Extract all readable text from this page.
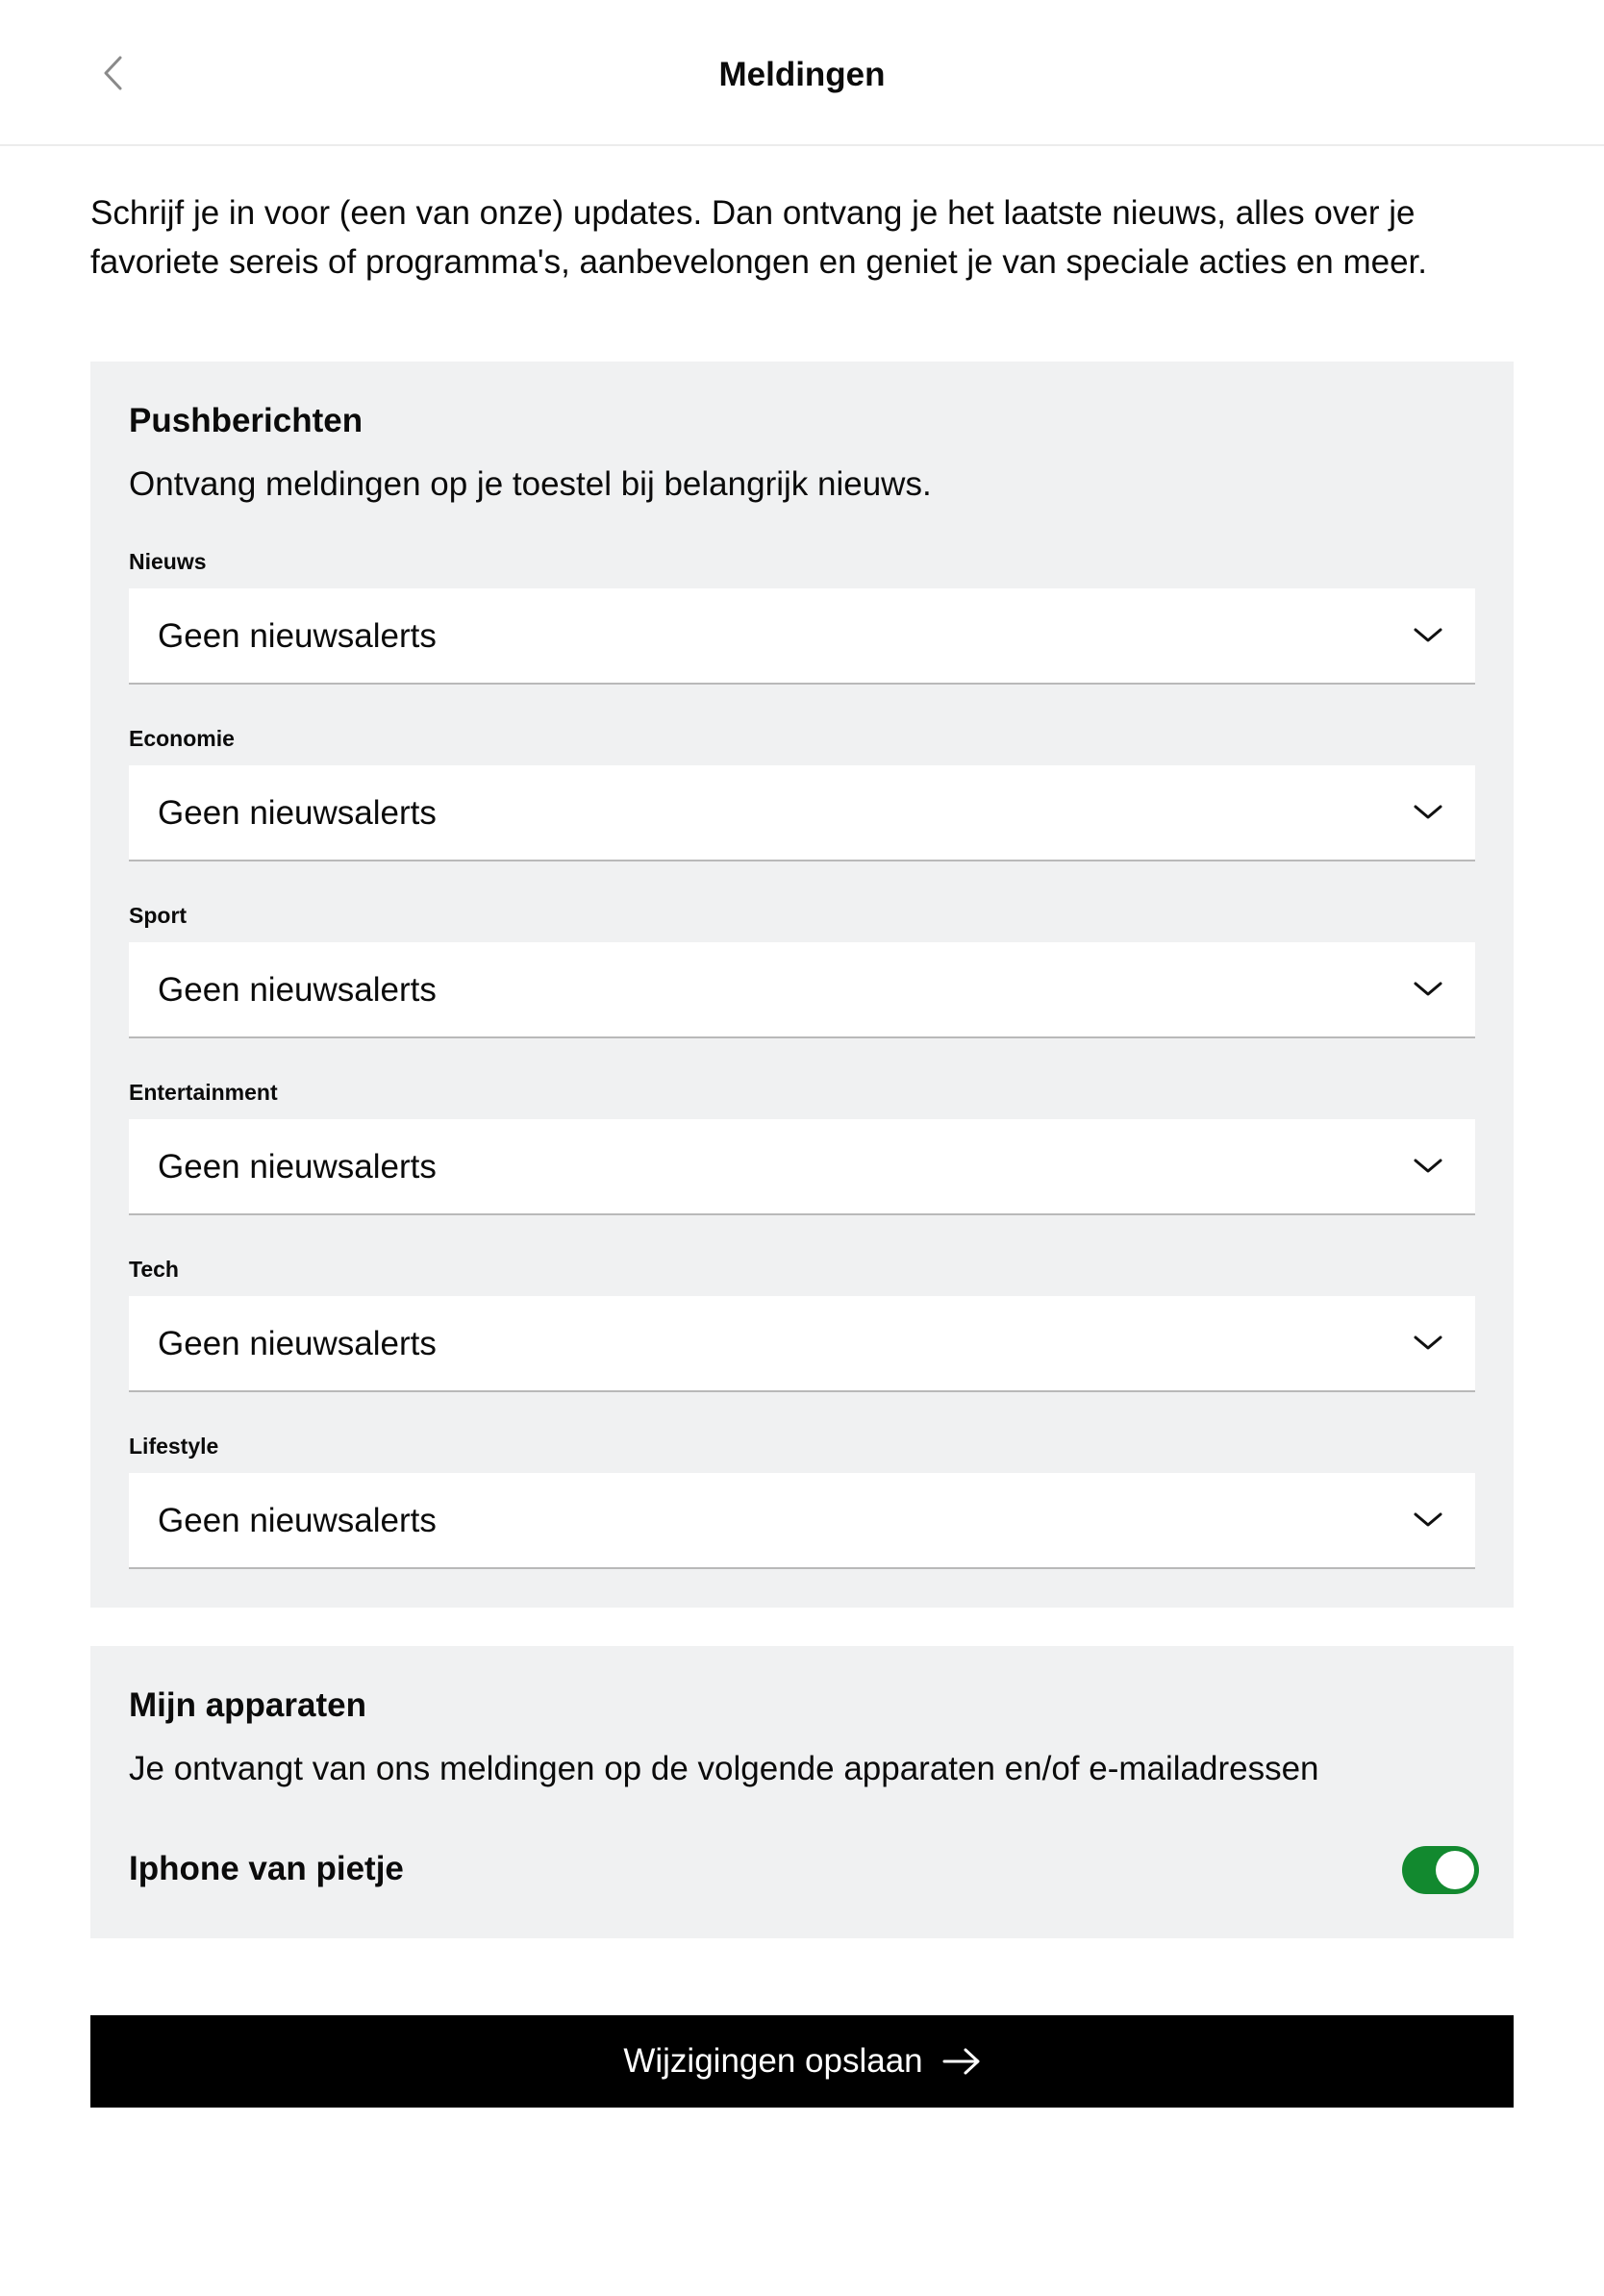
Meldingen

Schrijf je in voor (een van onze) updates. Dan ontvang je het laatste nieuws, alles over je favoriete sereis of programma's, aanbevelongen en geniet je van speciale acties en meer.

Pushberichten

Ontvang meldingen op je toestel bij belangrijk nieuws.

Nieuws
Geen nieuwsalerts
Economie
Geen nieuwsalerts
Sport
Geen nieuwsalerts
Entertainment
Geen nieuwsalerts
Tech
Geen nieuwsalerts
Lifestyle
Geen nieuwsalerts
Mijn apparaten

Je ontvangt van ons meldingen op de volgende apparaten en/of e-mailadressen

Iphone van pietje
Wijzigingen opslaan
